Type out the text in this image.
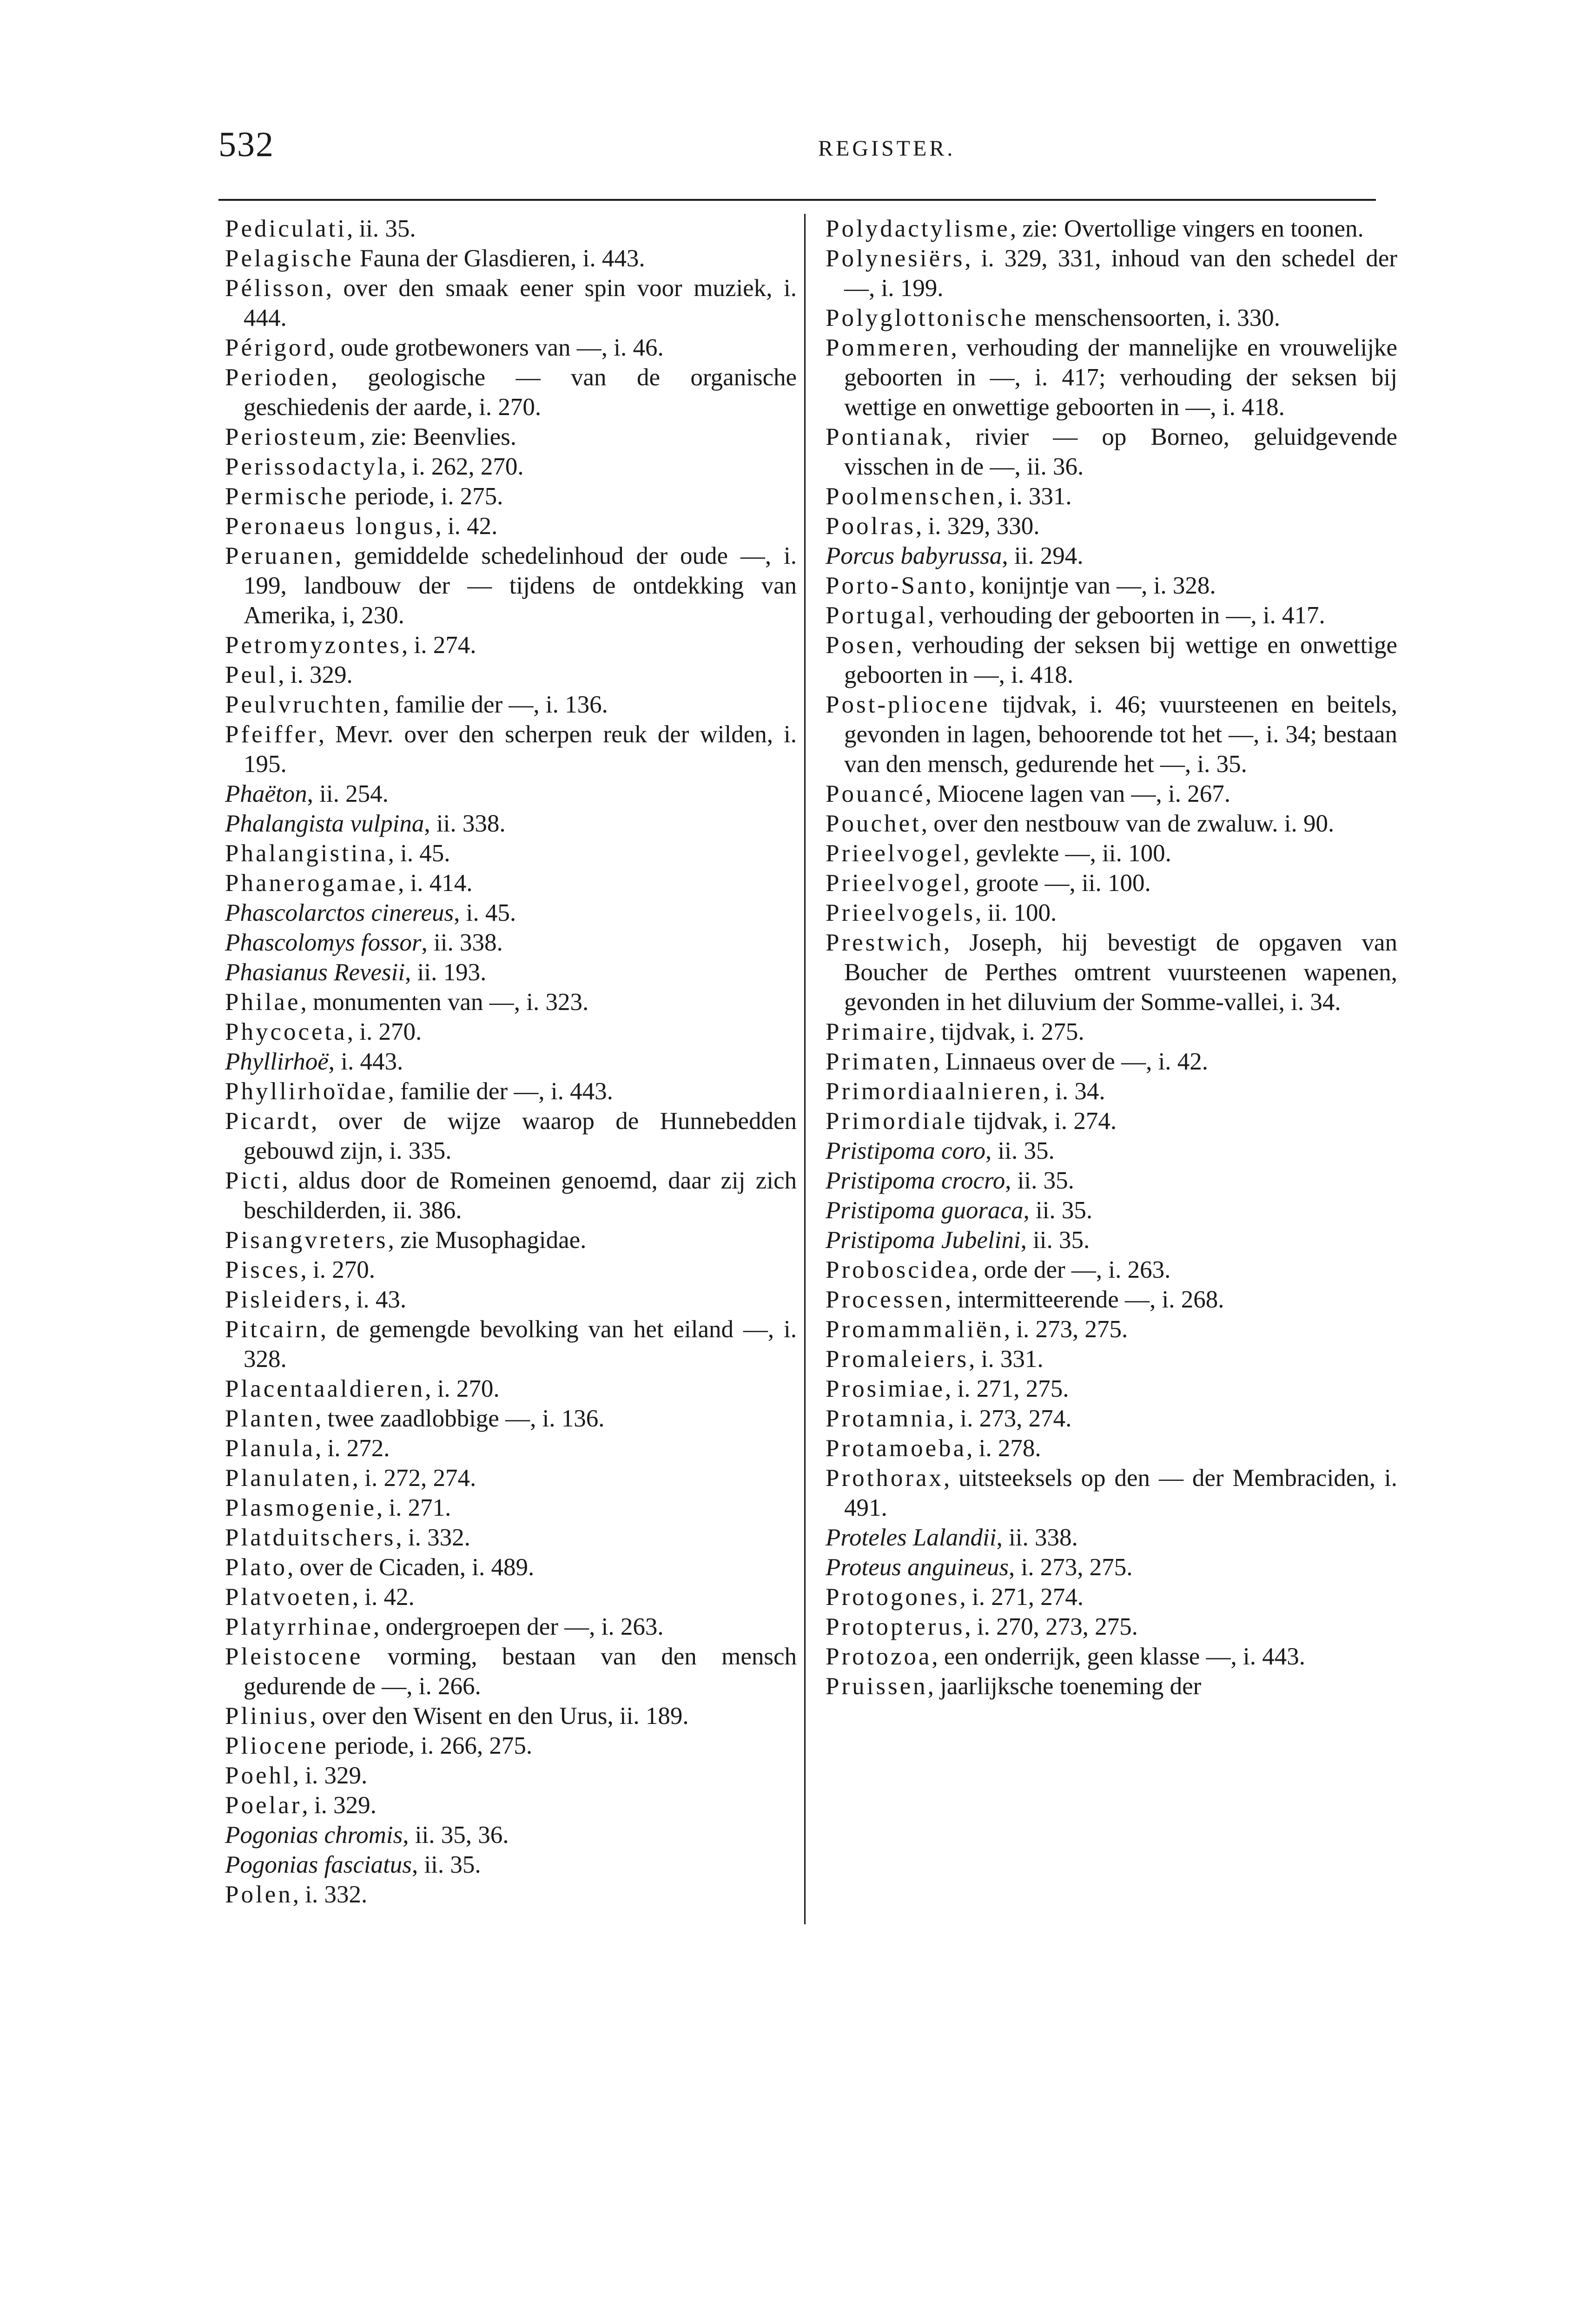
532	REGISTER.

Pediculati, ii. 35.

Pelagische Fauna der Glasdieren, i. 443.

Pélisson, over den smaak eener spin voor muziek, i. 444.

Périgord, oude grotbewoners van —, i. 46.

Perioden, geologische — van de organische geschiedenis der aarde, i. 270.

Periosteum, zie: Beenvlies.

Perissodactyla, i. 262, 270.

Permische periode, i. 275.

Peronaeus longus, i. 42.

Peruanen, gemiddelde schedelinhoud der oude —, i. 199, landbouw der — tijdens de ontdekking van Amerika, i, 230.

Petromyzontes, i. 274.

Peul, i. 329.

Peulvruchten, familie der —, i. 136.

Pfeiffer, Mevr. over den scherpen reuk der wilden, i. 195.

Phaëton, ii. 254.

Phalangista vulpina, ii. 338.

Phalangistina, i. 45.

Phanerogamae, i. 414.

Phascolarctos cinereus, i. 45.

Phascolomys fossor, ii. 338.

Phasianus Revesii, ii. 193.

Philae, monumenten van —, i. 323.

Phycoceta, i. 270.

Phyllirhoë, i. 443.

Phyllirhoïdae, familie der —, i. 443.

Picardt, over de wijze waarop de Hunnebedden gebouwd zijn, i. 335.

Picti, aldus door de Romeinen genoemd, daar zij zich beschilderden, ii. 386.

Pisangvreters, zie Musophagidae.

Pisces, i. 270.

Pisleiders, i. 43.

Pitcairn, de gemengde bevolking van het eiland —, i. 328.

Placentaaldieren, i. 270.

Planten, twee zaadlobbige —, i. 136.

Planula, i. 272.

Planulaten, i. 272, 274.

Plasmogenie, i. 271.

Platduitschers, i. 332.

Plato, over de Cicaden, i. 489.

Platvoeten, i. 42.

Platyrrhinae, ondergroepen der —, i. 263.

Pleistocene vorming, bestaan van den mensch gedurende de —, i. 266.

Plinius, over den Wisent en den Urus, ii. 189.

Pliocene periode, i. 266, 275.

Poehl, i. 329.

Poelar, i. 329.

Pogonias chromis, ii. 35, 36.

Pogonias fasciatus, ii. 35.

Polen, i. 332.

Polydactylisme, zie: Overtollige vingers en toonen.

Polynesiërs, i. 329, 331, inhoud van den schedel der —, i. 199.

Polyglottonische menschensoorten, i. 330.

Pommeren, verhouding der mannelijke en vrouwelijke geboorten in —, i. 417; verhouding der seksen bij wettige en onwettige geboorten in —, i. 418.

Pontianak, rivier — op Borneo, geluidgevende visschen in de —, ii. 36.

Poolmenschen, i. 331.

Poolras, i. 329, 330.

Porcus babyrussa, ii. 294.

Porto-Santo, konijntje van —, i. 328.

Portugal, verhouding der geboorten in —, i. 417.

Posen, verhouding der seksen bij wettige en onwettige geboorten in —, i. 418.

Post-pliocene tijdvak, i. 46; vuursteenen en beitels, gevonden in lagen, behoorende tot het —, i. 34; bestaan van den mensch, gedurende het —, i. 35.

Pouancé, Miocene lagen van —, i. 267.

Pouchet, over den nestbouw van de zwaluw. i. 90.

Prieelvogel, gevlekte —, ii. 100.

Prieelvogel, groote —, ii. 100.

Prieelvogels, ii. 100.

Prestwich, Joseph, hij bevestigt de opgaven van Boucher de Perthes omtrent vuursteenen wapenen, gevonden in het diluvium der Somme-vallei, i. 34.

Primaire, tijdvak, i. 275.

Primaten, Linnaeus over de —, i. 42.

Primordiaalnieren, i. 34.

Primordiale tijdvak, i. 274.

Pristipoma coro, ii. 35.

Pristipoma crocro, ii. 35.

Pristipoma guoraca, ii. 35.

Pristipoma Jubelini, ii. 35.

Proboscidea, orde der —, i. 263.

Processen, intermitteerende —, i. 268.

Promammaliën, i. 273, 275.

Promaleiers, i. 331.

Prosimiae, i. 271, 275.

Protamnia, i. 273, 274.

Protamoeba, i. 278.

Prothorax, uitsteeksels op den — der Membraciden, i. 491.

Proteles Lalandii, ii. 338.

Proteus anguineus, i. 273, 275.

Protogones, i. 271, 274.

Protopterus, i. 270, 273, 275.

Protozoa, een onderrijk, geen klasse —, i. 443.

Pruissen, jaarlijksche toeneming der
